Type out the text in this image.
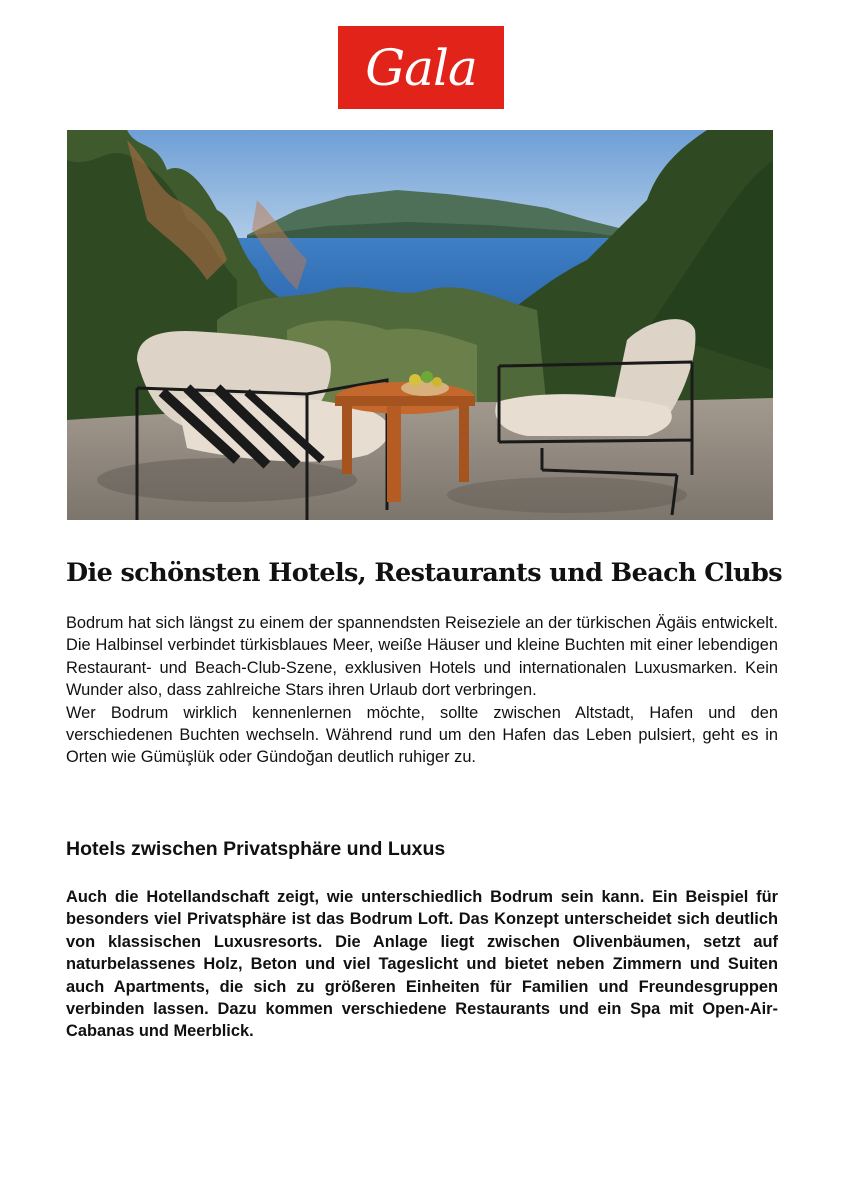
Gala
Die schönsten Hotels, Restaurants und Beach Clubs

Bodrum hat sich längst zu einem der spannendsten Reiseziele an der türkischen Ägäis entwickelt. Die Halbinsel verbindet türkisblaues Meer, weiße Häuser und kleine Buchten mit einer lebendigen Restaurant- und Beach-Club-Szene, exklusiven Hotels und internationalen Luxusmarken. Kein Wunder also, dass zahlreiche Stars ihren Urlaub dort verbringen.

Wer Bodrum wirklich kennenlernen möchte, sollte zwischen Altstadt, Hafen und den verschiedenen Buchten wechseln. Während rund um den Hafen das Leben pulsiert, geht es in Orten wie Gümüşlük oder Gündoğan deutlich ruhiger zu.

Hotels zwischen Privatsphäre und Luxus

Auch die Hotellandschaft zeigt, wie unterschiedlich Bodrum sein kann. Ein Beispiel für besonders viel Privatsphäre ist das Bodrum Loft. Das Konzept unterscheidet sich deutlich von klassischen Luxusresorts. Die Anlage liegt zwischen Olivenbäumen, setzt auf naturbelassenes Holz, Beton und viel Tageslicht und bietet neben Zimmern und Suiten auch Apartments, die sich zu größeren Einheiten für Familien und Freundesgruppen verbinden lassen. Dazu kommen verschiedene Restaurants und ein Spa mit Open-Air-Cabanas und Meerblick.
